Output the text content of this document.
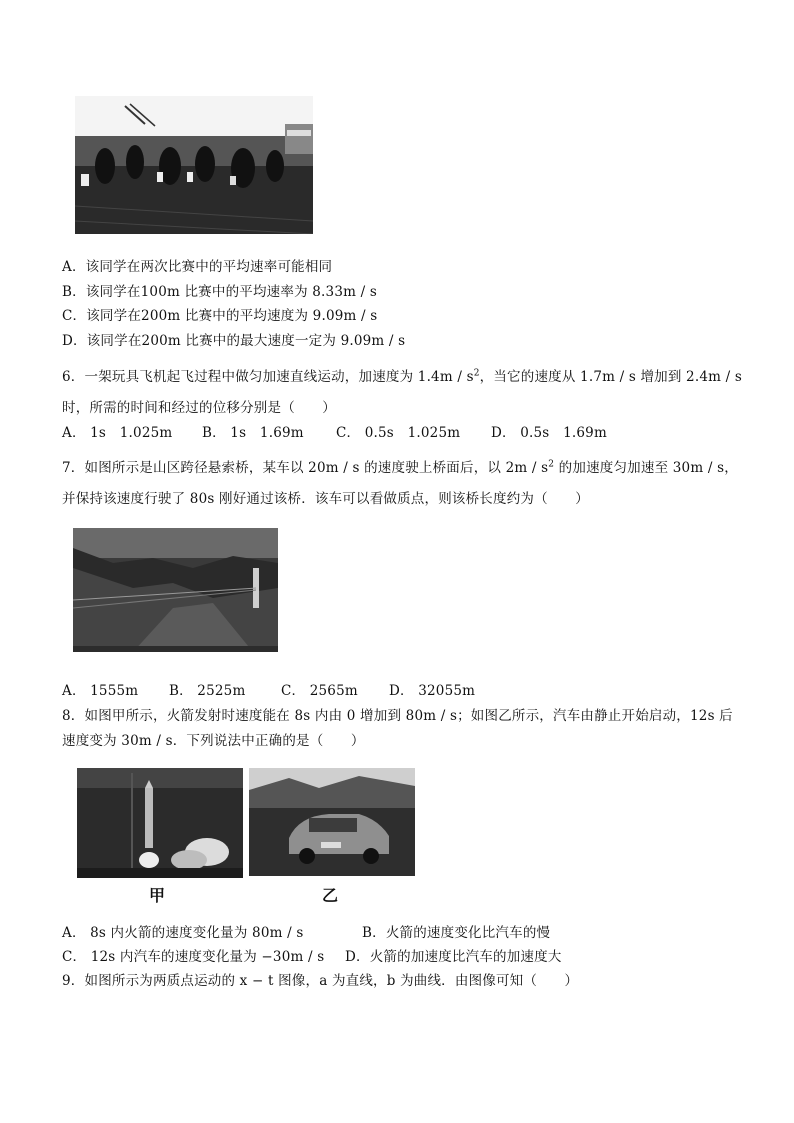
A．该同学在两次比赛中的平均速率可能相同
B．该同学在100m 比赛中的平均速率为 8.33m / s
C．该同学在200m 比赛中的平均速度为 9.09m / s
D．该同学在200m 比赛中的最大速度一定为 9.09m / s
6．一架玩具飞机起飞过程中做匀加速直线运动，加速度为 $1.4m / s^2$，当它的速度从 1.7m / s 增加到 2.4m / s
时，所需的时间和经过的位移分别是（　　）
A． 1s　1.025m B． 1s　1.69m C． 0.5s　1.025m D． 0.5s　1.69m
7．如图所示是山区跨径悬索桥，某车以 20m / s 的速度驶上桥面后，以 $2m / s^2$ 的加速度匀加速至 30m / s，
并保持该速度行驶了 80s 刚好通过该桥．该车可以看做质点，则该桥长度约为（　　）
A． 1555m B． 2525m	C． 2565m D． 32055m
8．如图甲所示，火箭发射时速度能在 8s 内由 0 增加到 80m / s；如图乙所示，汽车由静止开始启动，12s 后
速度变为 30m / s．下列说法中正确的是（　　）
甲	乙
A． 8s 内火箭的速度变化量为 80m / s	B．火箭的速度变化比汽车的慢
C． 12s 内汽车的速度变化量为 −30m / s D．火箭的加速度比汽车的加速度大
9．如图所示为两质点运动的 x − t 图像，a 为直线，b 为曲线．由图像可知（　　）
